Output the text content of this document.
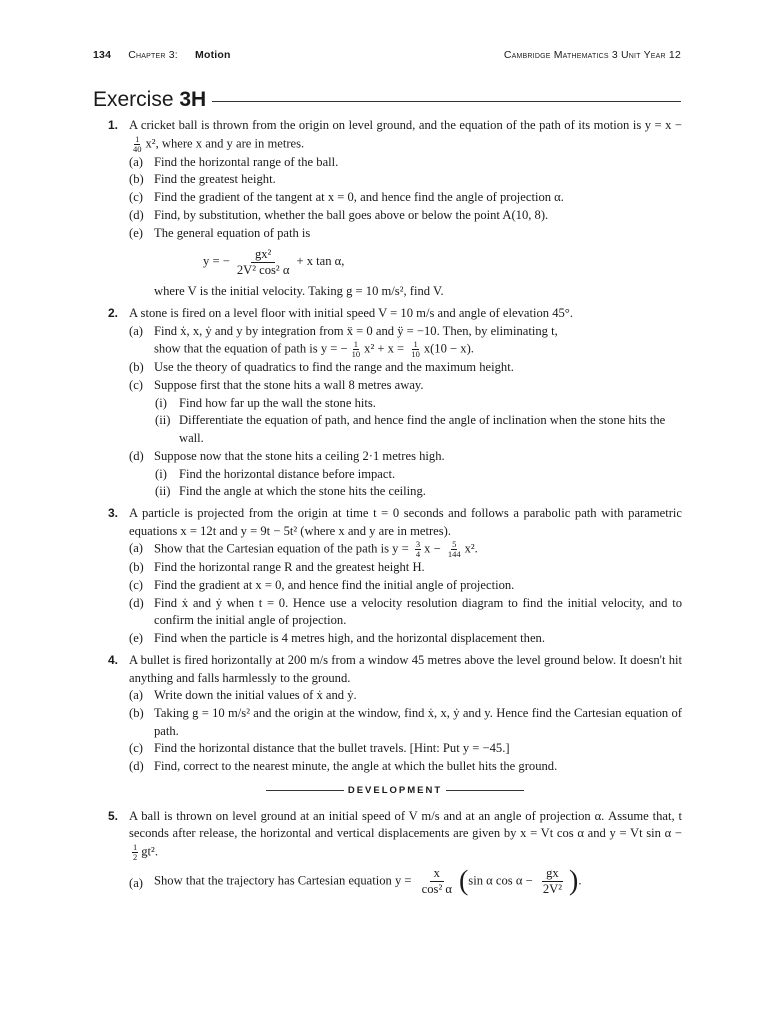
134 Chapter 3: Motion	Cambridge Mathematics 3 Unit Year 12
Exercise 3H
1. A cricket ball is thrown from the origin on level ground, and the equation of the path of its motion is y = x −
$\frac{1}{40} x^2$, where x and y are in metres.
(a) Find the horizontal range of the ball.
(b) Find the greatest height.
(c) Find the gradient of the tangent at x = 0, and hence find the angle of projection α.
(d) Find, by substitution, whether the ball goes above or below the point A(10, 8).
(e) The general equation of path is
y = − $\frac{\text{gx²}}{\text{2V² cos² α}} + x$ tan α,
where V is the initial velocity. Taking g = 10 m/s², find V.
2. A stone is fired on a level floor with initial speed V = 10 m/s and angle of elevation 45°.
(a) Find ẋ, x, ẏ and y by integration from ẍ = 0 and ÿ = −10. Then, by eliminating t,
show that the equation of path is y = − $\frac{1}{10} x^2 + x = \frac{1}{10} x(10 - x)$.
(b) Use the theory of quadratics to find the range and the maximum height.
(c) Suppose first that the stone hits a wall 8 metres away.
(i) Find how far up the wall the stone hits.
(ii) Differentiate the equation of path, and hence find the angle of inclination when the stone hits the wall.
(d) Suppose now that the stone hits a ceiling 2·1 metres high.
(i) Find the horizontal distance before impact.
(ii) Find the angle at which the stone hits the ceiling.
3. A particle is projected from the origin at time t = 0 seconds and follows a parabolic path with parametric equations x = 12t and y = 9t − 5t² (where x and y are in metres).
(a) Show that the Cartesian equation of the path is $y = \frac{3}{4}$ $x - \frac{5}{144} x^2$.
(b) Find the horizontal range R and the greatest height H.
(c) Find the gradient at x = 0, and hence find the initial angle of projection.
(d) Find ẋ and ẏ when t = 0. Hence use a velocity resolution diagram to find the initial velocity, and to confirm the initial angle of projection.
(e) Find when the particle is 4 metres high, and the horizontal displacement then.
4. A bullet is fired horizontally at 200 m/s from a window 45 metres above the level ground below. It doesn't hit anything and falls harmlessly to the ground.
(a) Write down the initial values of ẋ and ẏ.
(b) Taking g = 10 m/s² and the origin at the window, find ẋ, x, ẏ and y. Hence find the Cartesian equation of path.
(c) Find the horizontal distance that the bullet travels. [Hint: Put y = −45.]
(d) Find, correct to the nearest minute, the angle at which the bullet hits the ground.
DEVELOPMENT
5. A ball is thrown on level ground at an initial speed of V m/s and at an angle of projection α. Assume that, t seconds after release, the horizontal and vertical displacements are given by x = Vt cos α and y = Vt sin α −
$\frac{1}{2} gt^2$.
(a) Show that the trajectory has Cartesian equation $y = \frac{x}{\text{cos² α}} (\sin$ α $\cos \alpha - \frac{gx}{\text{2V²}}$ ).
